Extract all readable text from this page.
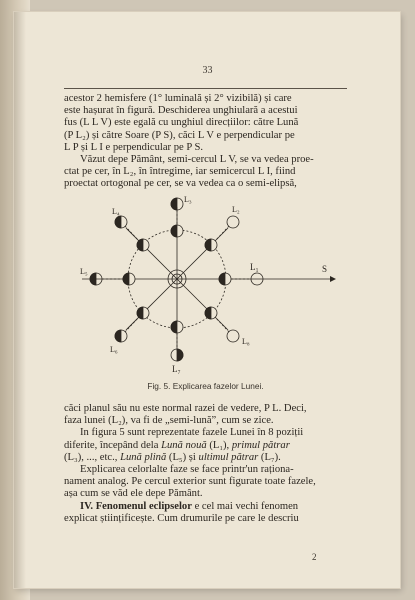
33

acestor 2 hemisfere (1° luminală și 2° vizibilă) și care

este hașurat în figură. Deschiderea unghiulară a acestui

fus (L L V) este egală cu unghiul direcțiilor: către Lună

(P L₂) și către Soare (P S), căci L V e perpendicular pe

L P și L I e perpendicular pe P S.

Văzut depe Pământ, semi-cercul L V, se va vedea proe-

ctat pe cer, în L₂, în întregime, iar semicercul L I, fiind

proectat ortogonal pe cer, se va vedea ca o semi-elipsă,

L₁
L₂
L₃
L₄
L₅
L₆
L₇
L₈
S
Fig. 5. Explicarea fazelor Lunei.

căci planul său nu este normal razei de vedere, P L. Deci,

faza lunei (L₂), va fi de „semi-lună”, cum se zice.

In figura 5 sunt reprezentate fazele Lunei în 8 poziții

diferite, începând dela Lună nouă (L₁), primul pătrar

(L₃), ..., etc., Lună plină (L₅) și ultimul pătrar (L₇).

Explicarea celorlalte faze se face printr'un raționa-

nament analog. Pe cercul exterior sunt figurate toate fazele,

așa cum se văd ele depe Pământ.

IV. Fenomenul eclipselor e cel mai vechi fenomen

explicat științificește. Cum drumurile pe care le descriu

2
